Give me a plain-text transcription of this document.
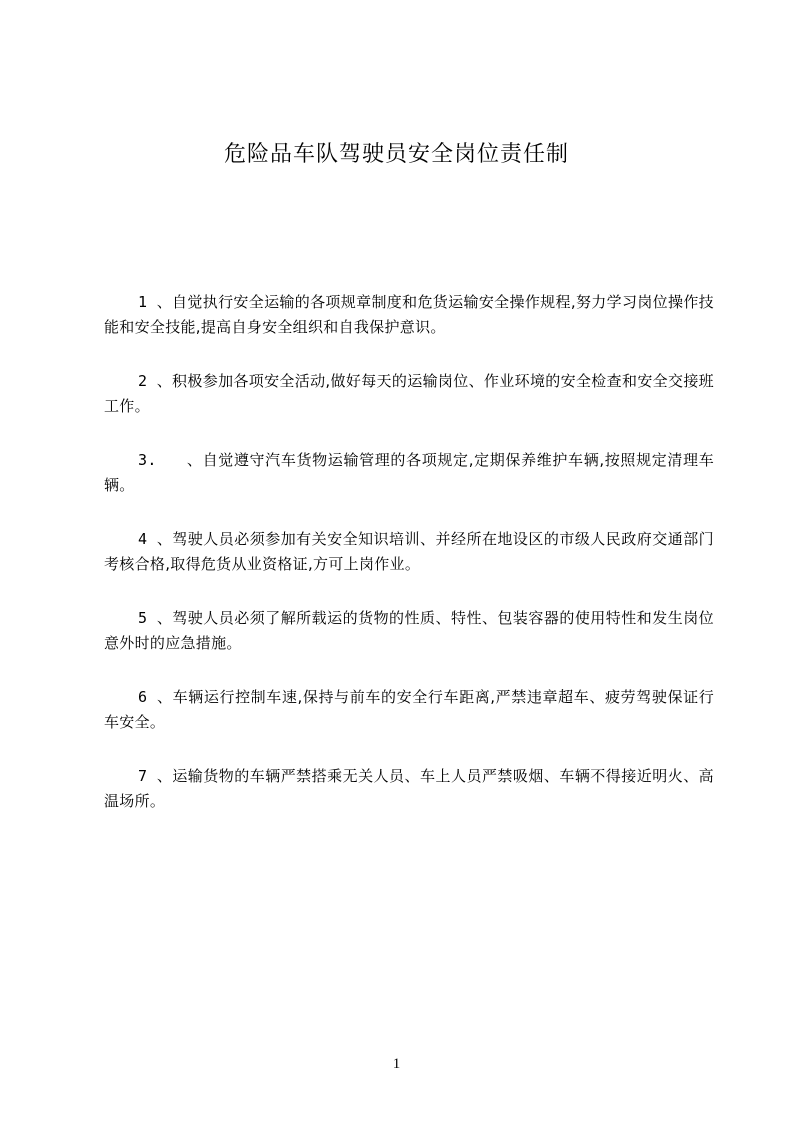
危险品车队驾驶员安全岗位责任制

1 、自觉执行安全运输的各项规章制度和危货运输安全操作规程,努力学习岗位操作技能和安全技能,提高自身安全组织和自我保护意识。

2 、积极参加各项安全活动,做好每天的运输岗位、作业环境的安全检查和安全交接班工作。

3.    、自觉遵守汽车货物运输管理的各项规定,定期保养维护车辆,按照规定清理车辆。

4 、驾驶人员必须参加有关安全知识培训、并经所在地设区的市级人民政府交通部门考核合格,取得危货从业资格证,方可上岗作业。

5 、驾驶人员必须了解所载运的货物的性质、特性、包装容器的使用特性和发生岗位意外时的应急措施。

6 、车辆运行控制车速,保持与前车的安全行车距离,严禁违章超车、疲劳驾驶保证行车安全。

7 、运输货物的车辆严禁搭乘无关人员、车上人员严禁吸烟、车辆不得接近明火、高温场所。

1
